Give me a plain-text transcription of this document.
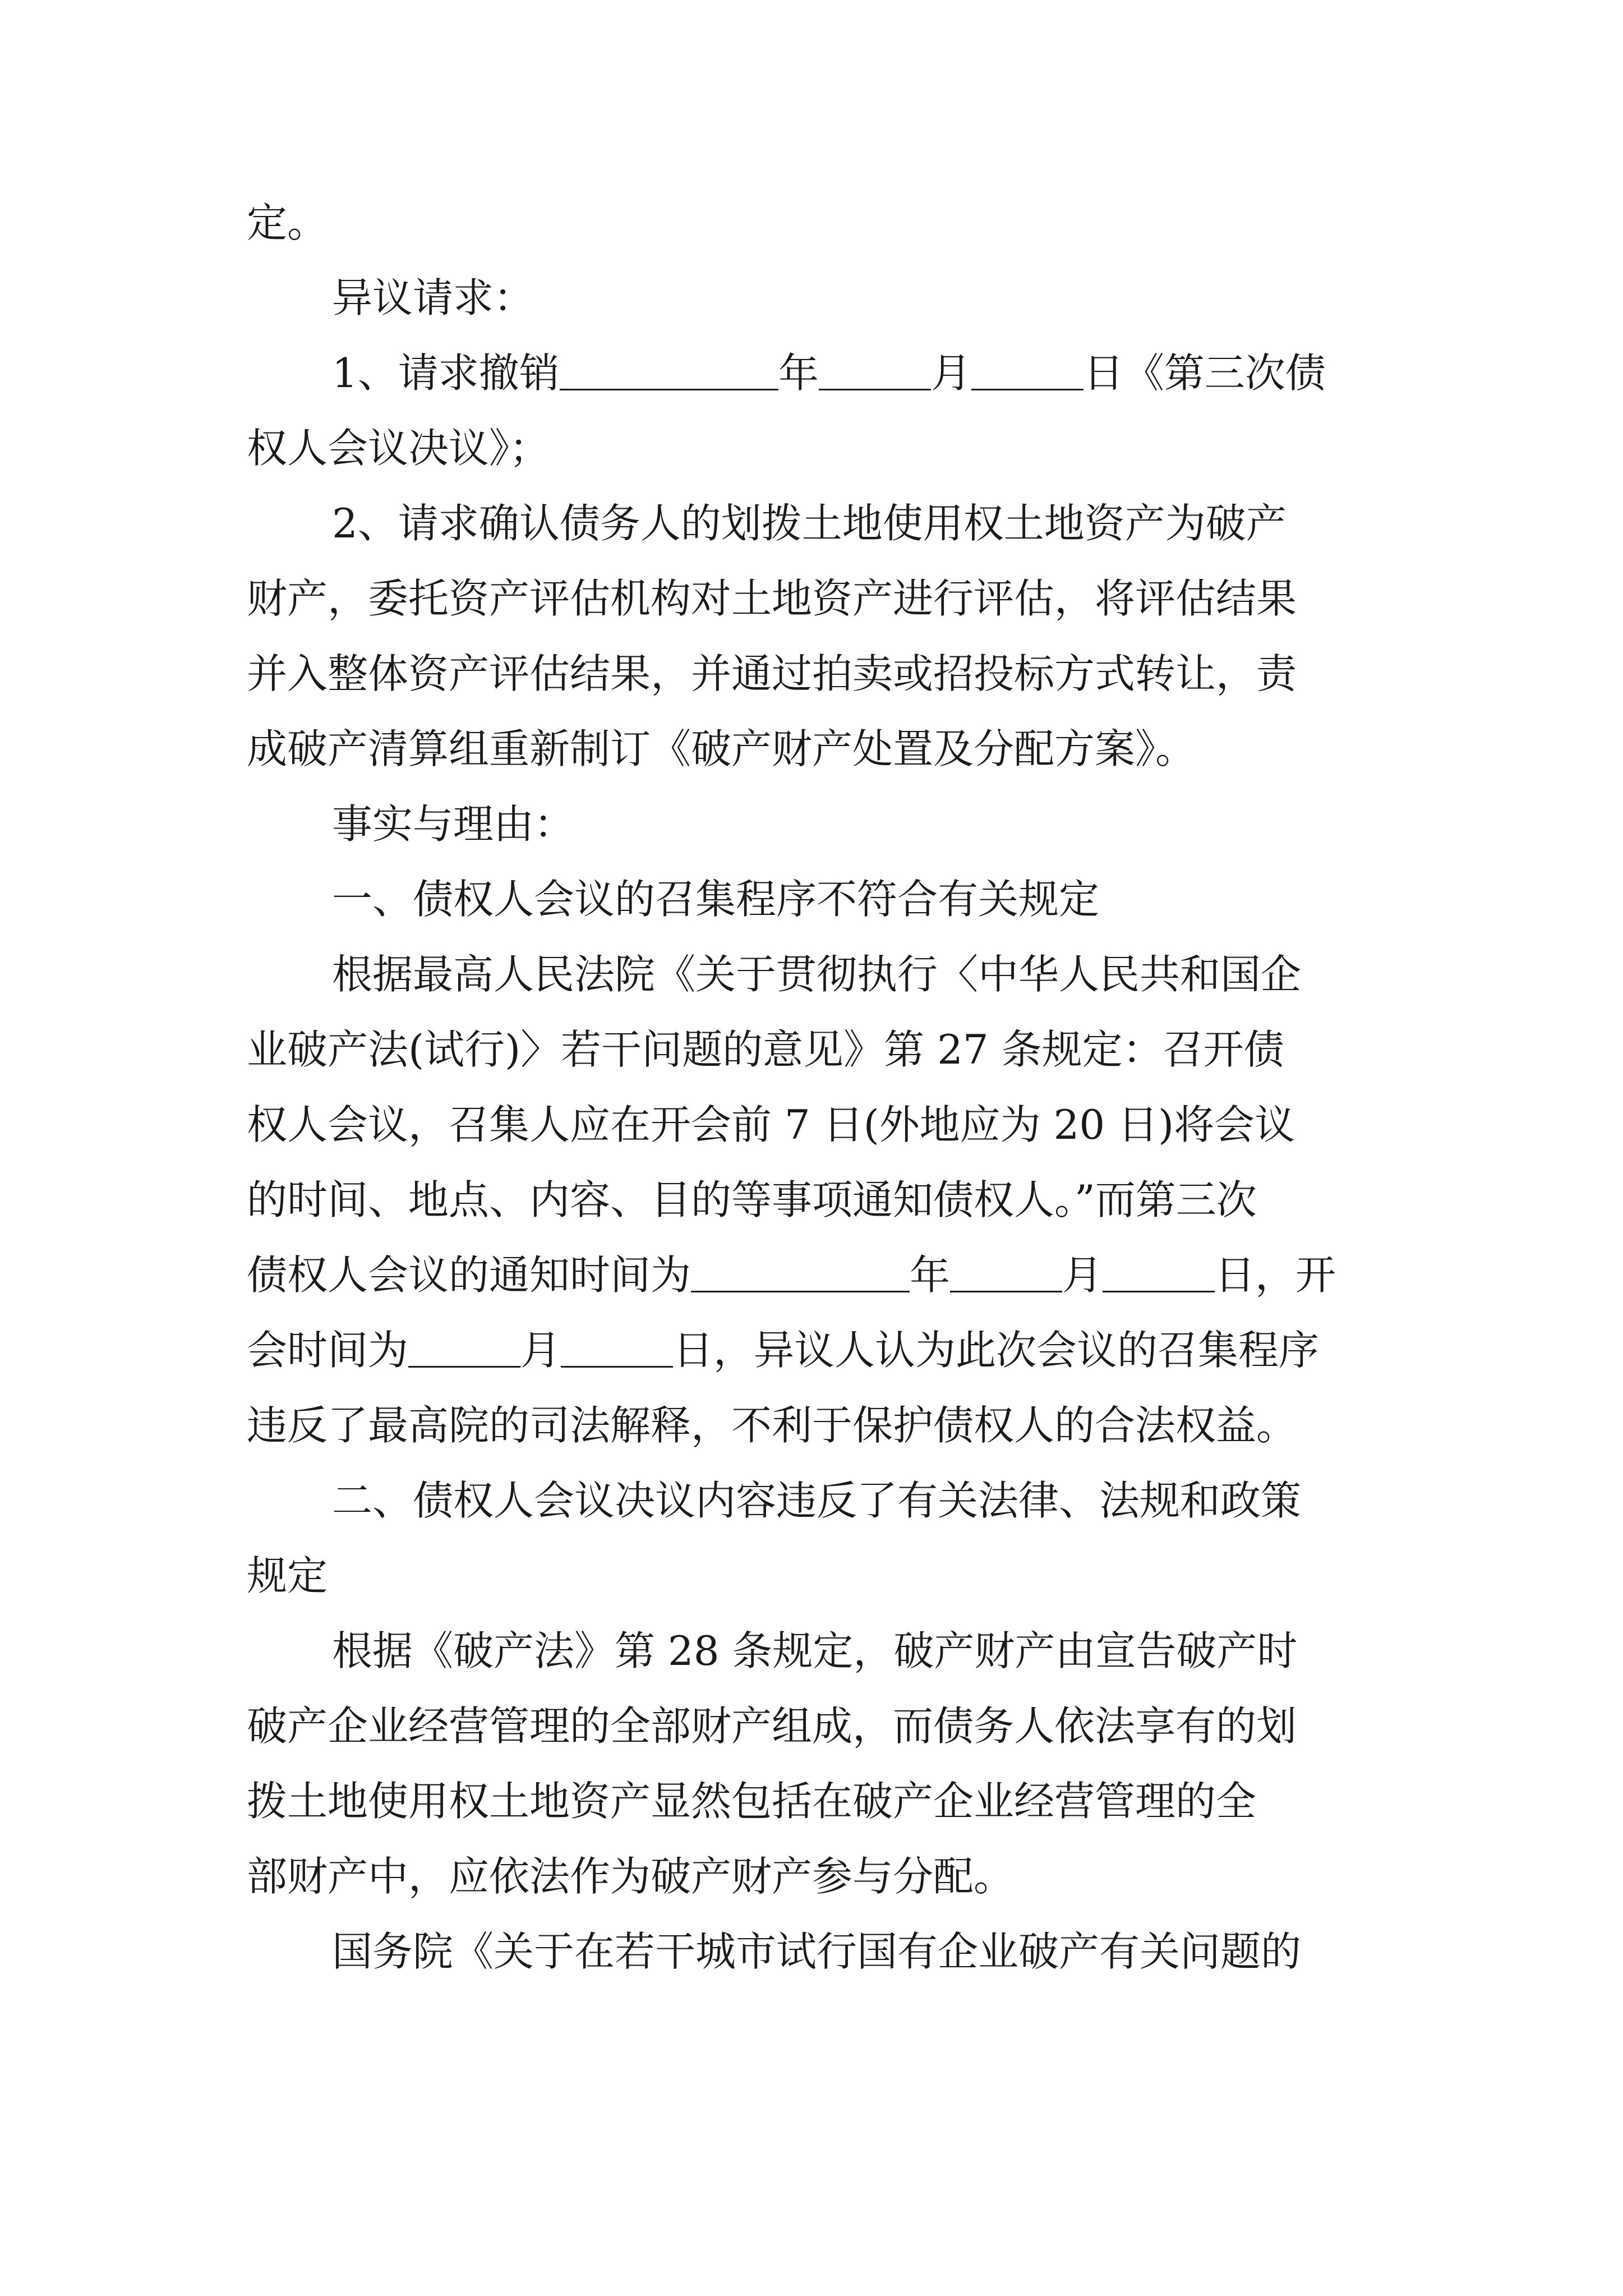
定。
异议请求：
1、请求撤销	年	月	日《第三次债
权人会议决议》；
2、请求确认债务人的划拨土地使用权土地资产为破产
财产，委托资产评估机构对土地资产进行评估，将评估结果
并入整体资产评估结果，并通过拍卖或招投标方式转让，责
成破产清算组重新制订《破产财产处置及分配方案》。
事实与理由：
一、债权人会议的召集程序不符合有关规定
根据最高人民法院《关于贯彻执行〈中华人民共和国企
业破产法(试行)〉若干问题的意见》第 27 条规定：召开债
权人会议，召集人应在开会前 7 日(外地应为 20 日)将会议
的时间、地点、内容、目的等事项通知债权人。”而第三次
债权人会议的通知时间为	年	月	日，开
会时间为	月	日，异议人认为此次会议的召集程序
违反了最高院的司法解释，不利于保护债权人的合法权益。
二、债权人会议决议内容违反了有关法律、法规和政策
规定
根据《破产法》第 28 条规定，破产财产由宣告破产时
破产企业经营管理的全部财产组成，而债务人依法享有的划
拨土地使用权土地资产显然包括在破产企业经营管理的全
部财产中，应依法作为破产财产参与分配。
国务院《关于在若干城市试行国有企业破产有关问题的
